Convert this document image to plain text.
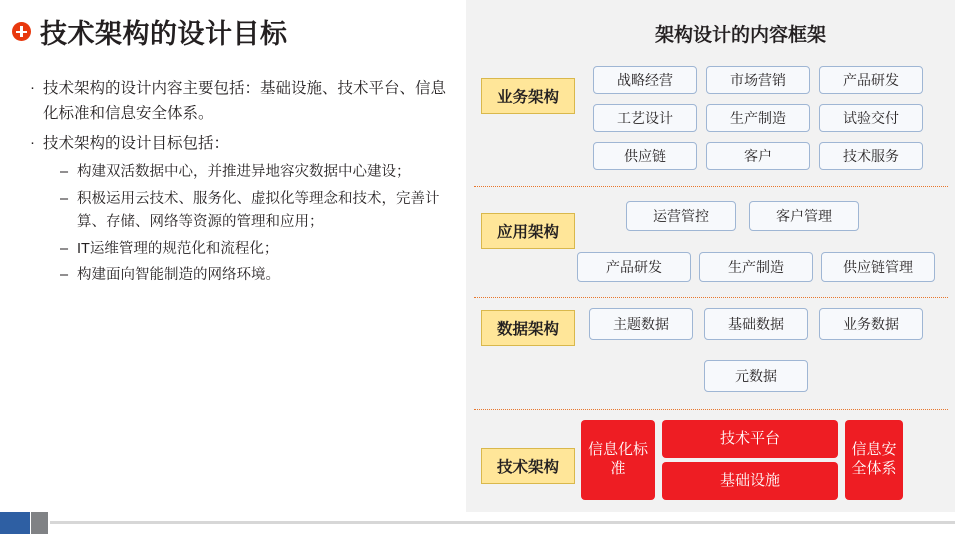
技术架构的设计目标
· 技术架构的设计内容主要包括：基础设施、技术平台、信息化标准和信息安全体系。
· 技术架构的设计目标包括：
– 构建双活数据中心，并推进异地容灾数据中心建设；
– 积极运用云技术、服务化、虚拟化等理念和技术，完善计算、存储、网络等资源的管理和应用；
– IT运维管理的规范化和流程化；
– 构建面向智能制造的网络环境。
架构设计的内容框架
业务架构
战略经营	市场营销	产品研发
工艺设计	生产制造	试验交付
供应链	客户	技术服务
应用架构
运营管控	客户管理
产品研发	生产制造	供应链管理
数据架构	主题数据	基础数据	业务数据
元数据
技术架构
信息化标准
技术平台
基础设施
信息安全体系
